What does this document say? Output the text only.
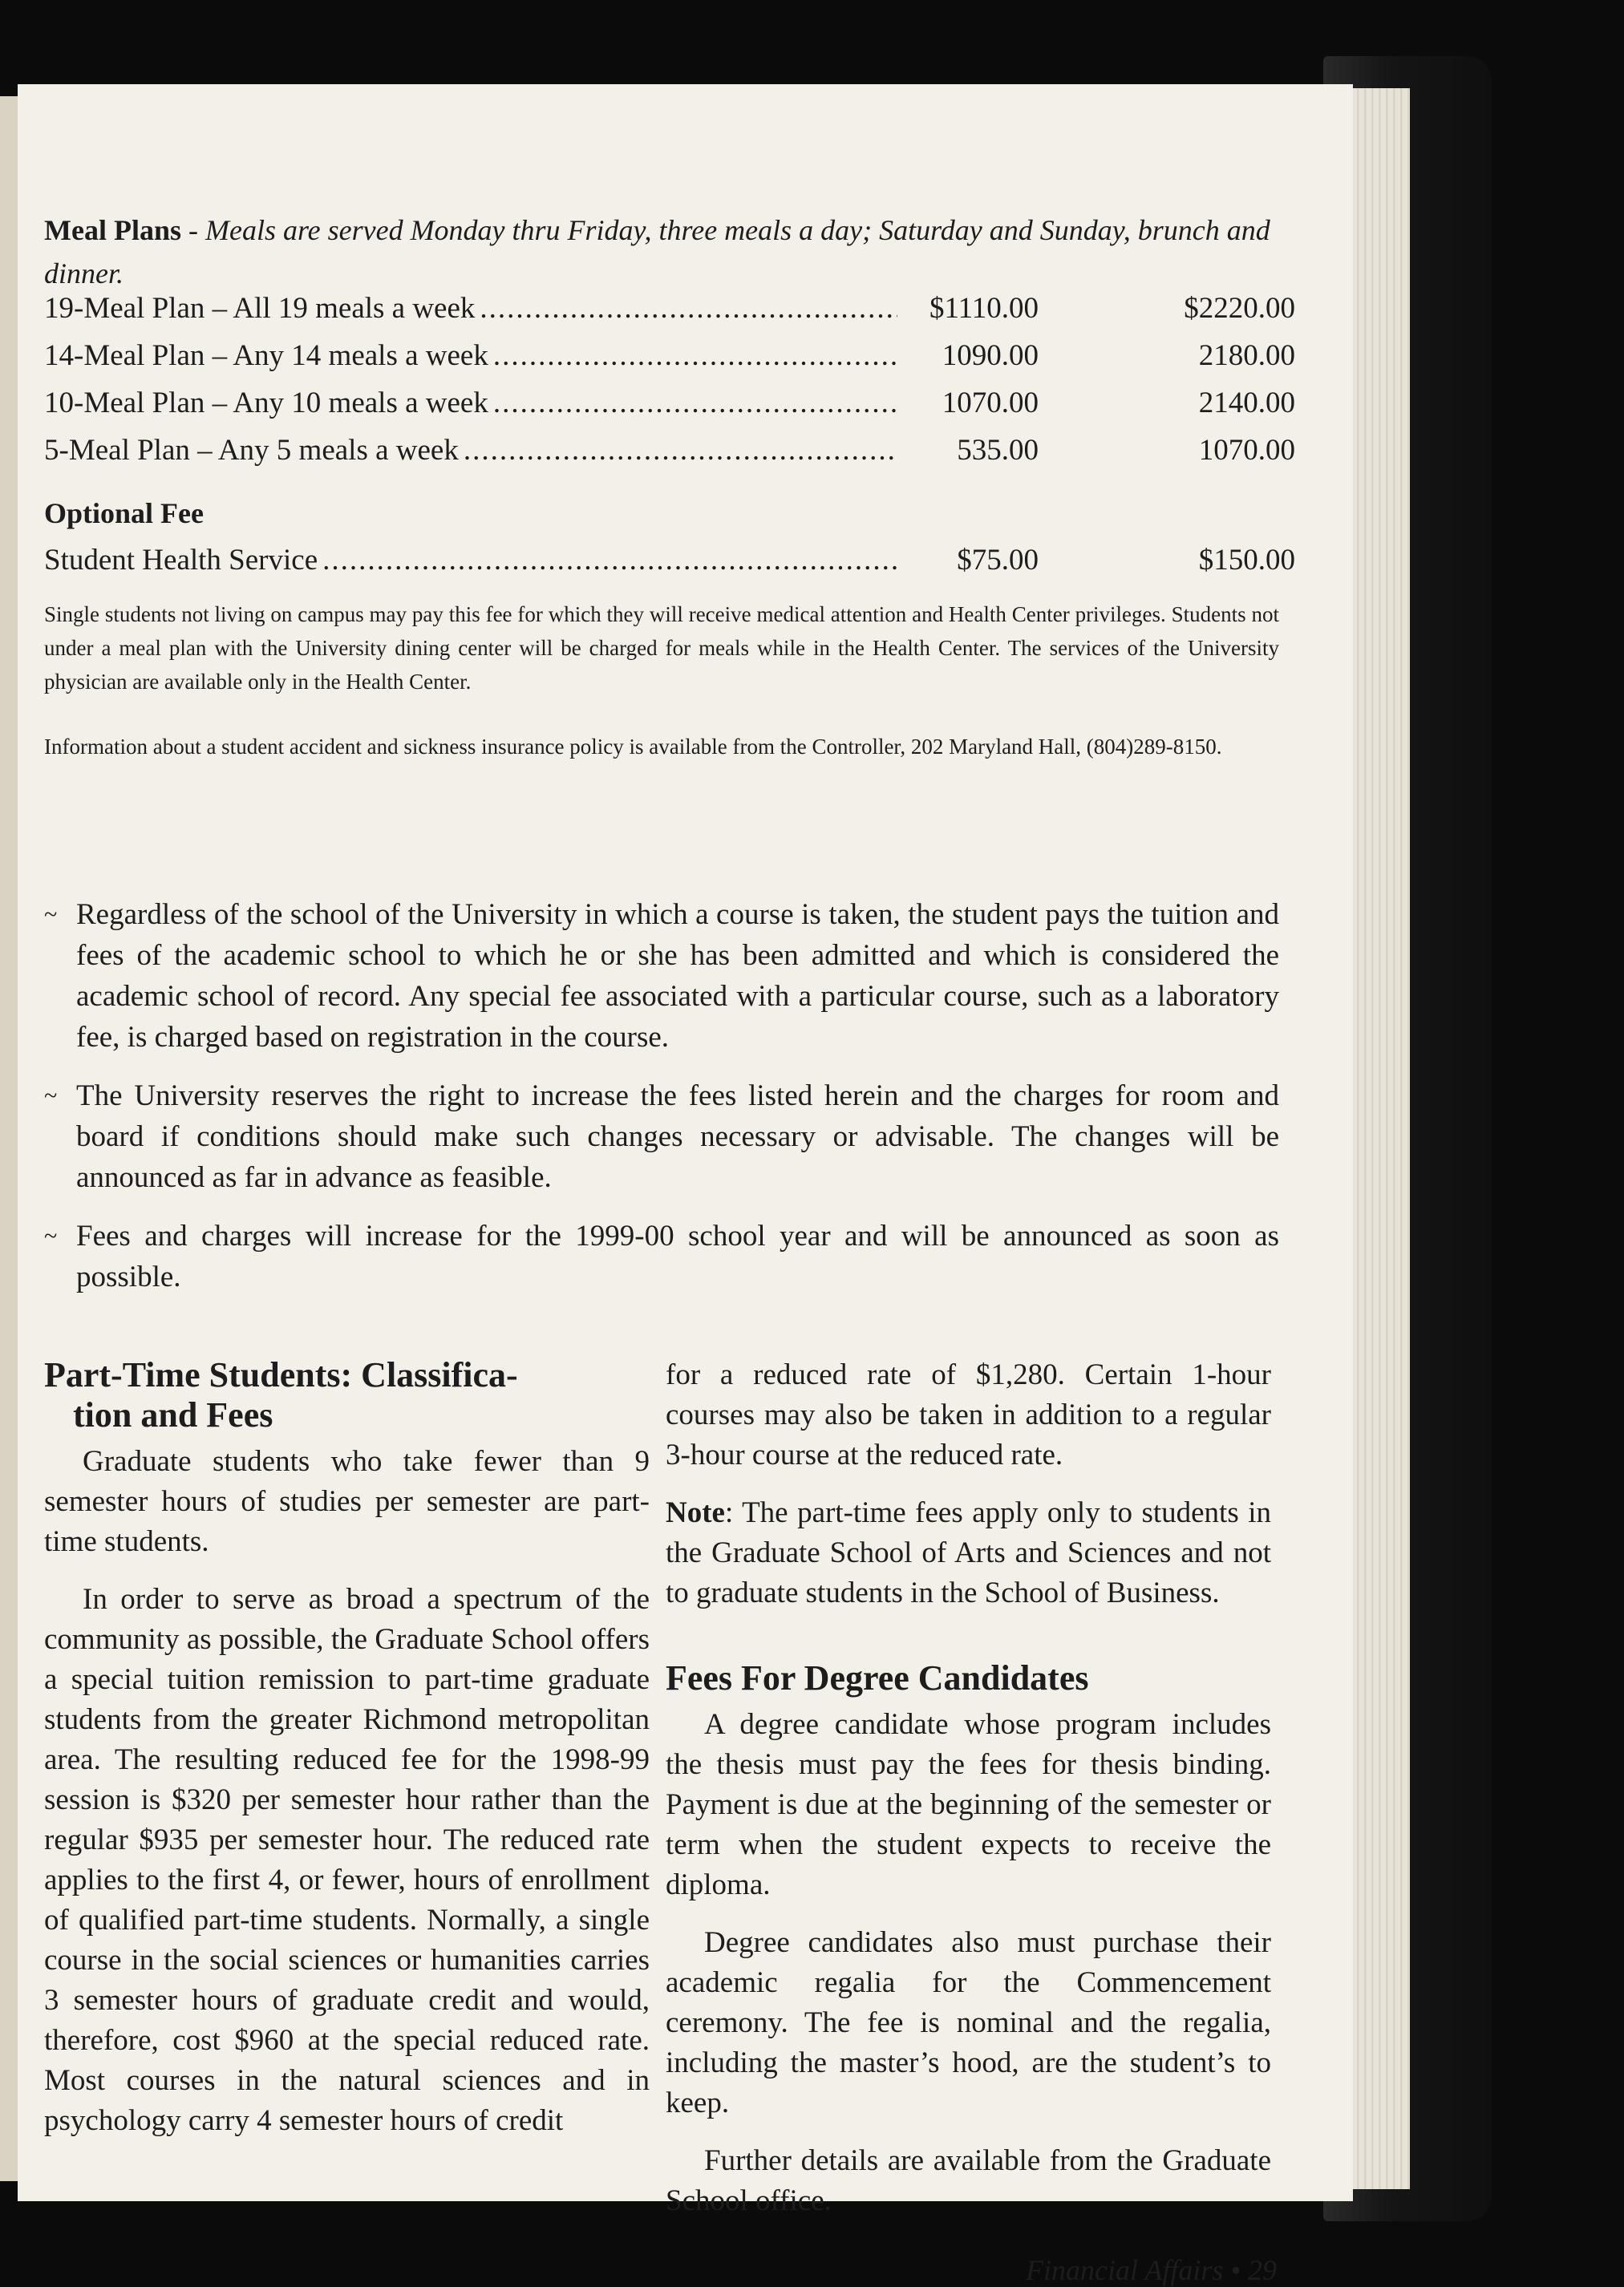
Meal Plans - Meals are served Monday thru Friday, three meals a day; Saturday and Sunday, brunch and dinner.
19-Meal Plan – All 19 meals a week .....	$1110.00	$2220.00
14-Meal Plan – Any 14 meals a week .....	1090.00	2180.00
10-Meal Plan – Any 10 meals a week .....	1070.00	2140.00
5-Meal Plan – Any 5 meals a week .....	535.00	1070.00
Optional Fee
Student Health Service .....	$75.00	$150.00
Single students not living on campus may pay this fee for which they will receive medical attention and Health Center privileges. Students not under a meal plan with the University dining center will be charged for meals while in the Health Center. The services of the University physician are available only in the Health Center.
Information about a student accident and sickness insurance policy is available from the Controller, 202 Maryland Hall, (804)289-8150.
~ Regardless of the school of the University in which a course is taken, the student pays the tuition and fees of the academic school to which he or she has been admitted and which is considered the academic school of record. Any special fee associated with a particular course, such as a laboratory fee, is charged based on registration in the course.
~ The University reserves the right to increase the fees listed herein and the charges for room and board if conditions should make such changes necessary or advisable. The changes will be announced as far in advance as feasible.
~ Fees and charges will increase for the 1999-00 school year and will be announced as soon as possible.
Part-Time Students: Classifica-
tion and Fees

Graduate students who take fewer than 9 semester hours of studies per semester are part-time students.

In order to serve as broad a spectrum of the community as possible, the Graduate School offers a special tuition remission to part-time graduate students from the greater Richmond metropolitan area. The resulting reduced fee for the 1998-99 session is $320 per semester hour rather than the regular $935 per semester hour. The reduced rate applies to the first 4, or fewer, hours of enrollment of qualified part-time students. Normally, a single course in the social sciences or humanities carries 3 semester hours of graduate credit and would, therefore, cost $960 at the special reduced rate. Most courses in the natural sciences and in psychology carry 4 semester hours of credit

for a reduced rate of $1,280. Certain 1-hour courses may also be taken in addition to a regular 3-hour course at the reduced rate.

Note: The part-time fees apply only to students in the Graduate School of Arts and Sciences and not to graduate students in the School of Business.

Fees For Degree Candidates

A degree candidate whose program includes the thesis must pay the fees for thesis binding. Payment is due at the beginning of the semester or term when the student expects to receive the diploma.

Degree candidates also must purchase their academic regalia for the Commencement ceremony. The fee is nominal and the regalia, including the master’s hood, are the student’s to keep.

Further details are available from the Graduate School office.

Financial Affairs • 29
